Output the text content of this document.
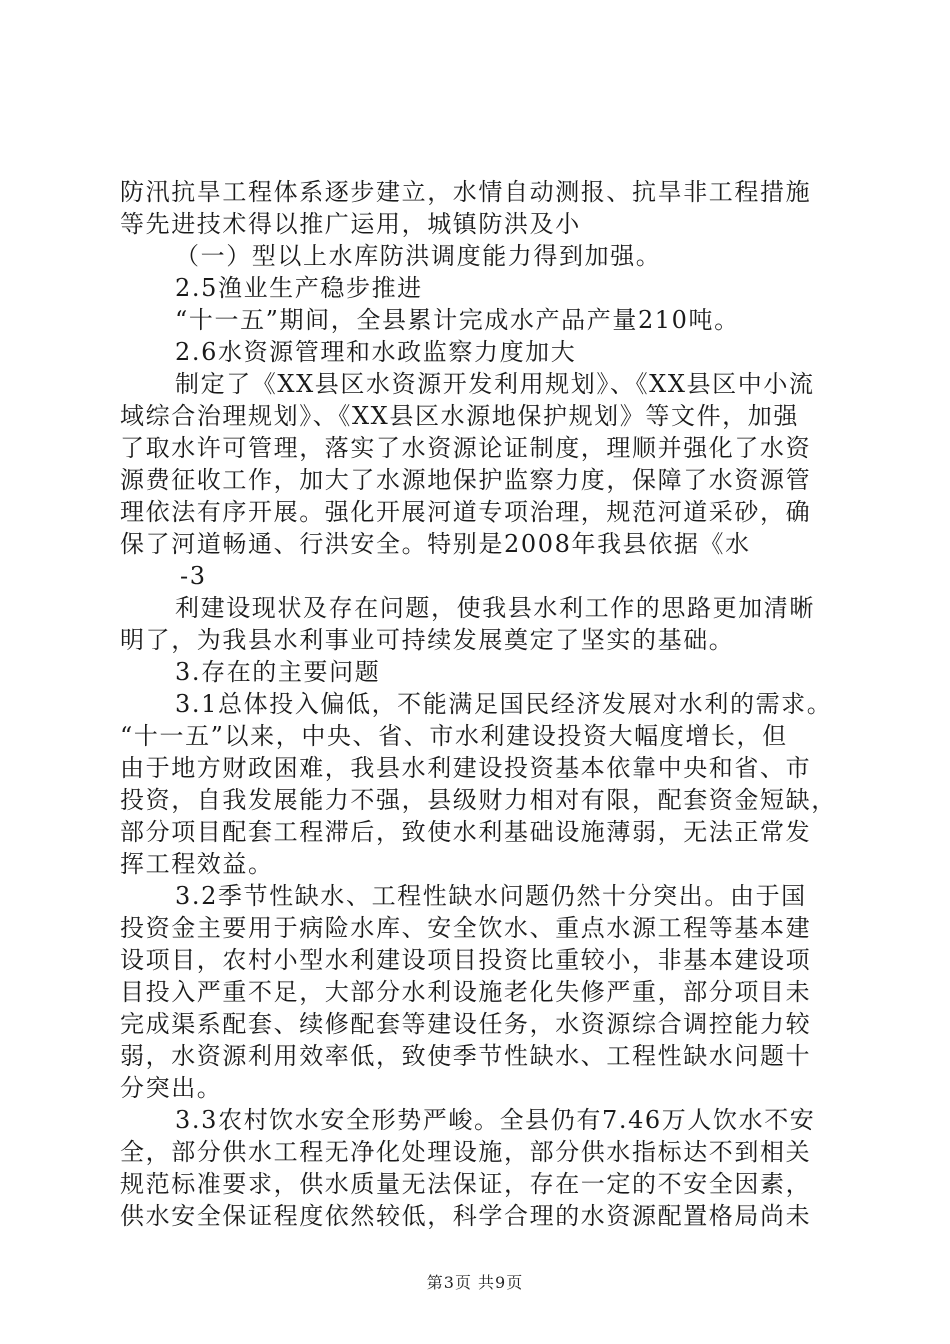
防汛抗旱工程体系逐步建立，水情自动测报、抗旱非工程措施
等先进技术得以推广运用，城镇防洪及小
（一）型以上水库防洪调度能力得到加强。
2.5渔业生产稳步推进
“十一五”期间，全县累计完成水产品产量210吨。
2.6水资源管理和水政监察力度加大
制定了《XX县区水资源开发利用规划》、《XX县区中小流
域综合治理规划》、《XX县区水源地保护规划》等文件，加强
了取水许可管理，落实了水资源论证制度，理顺并强化了水资
源费征收工作，加大了水源地保护监察力度，保障了水资源管
理依法有序开展。强化开展河道专项治理，规范河道采砂，确
保了河道畅通、行洪安全。特别是2008年我县依据《水
-3
利建设现状及存在问题，使我县水利工作的思路更加清晰
明了，为我县水利事业可持续发展奠定了坚实的基础。
3.存在的主要问题
3.1总体投入偏低，不能满足国民经济发展对水利的需求。
“十一五”以来，中央、省、市水利建设投资大幅度增长，但
由于地方财政困难，我县水利建设投资基本依靠中央和省、市
投资，自我发展能力不强，县级财力相对有限，配套资金短缺，
部分项目配套工程滞后，致使水利基础设施薄弱，无法正常发
挥工程效益。
3.2季节性缺水、工程性缺水问题仍然十分突出。由于国
投资金主要用于病险水库、安全饮水、重点水源工程等基本建
设项目，农村小型水利建设项目投资比重较小，非基本建设项
目投入严重不足，大部分水利设施老化失修严重，部分项目未
完成渠系配套、续修配套等建设任务，水资源综合调控能力较
弱，水资源利用效率低，致使季节性缺水、工程性缺水问题十
分突出。
3.3农村饮水安全形势严峻。全县仍有7.46万人饮水不安
全，部分供水工程无净化处理设施，部分供水指标达不到相关
规范标准要求，供水质量无法保证，存在一定的不安全因素，
供水安全保证程度依然较低，科学合理的水资源配置格局尚未
第3页 共9页
